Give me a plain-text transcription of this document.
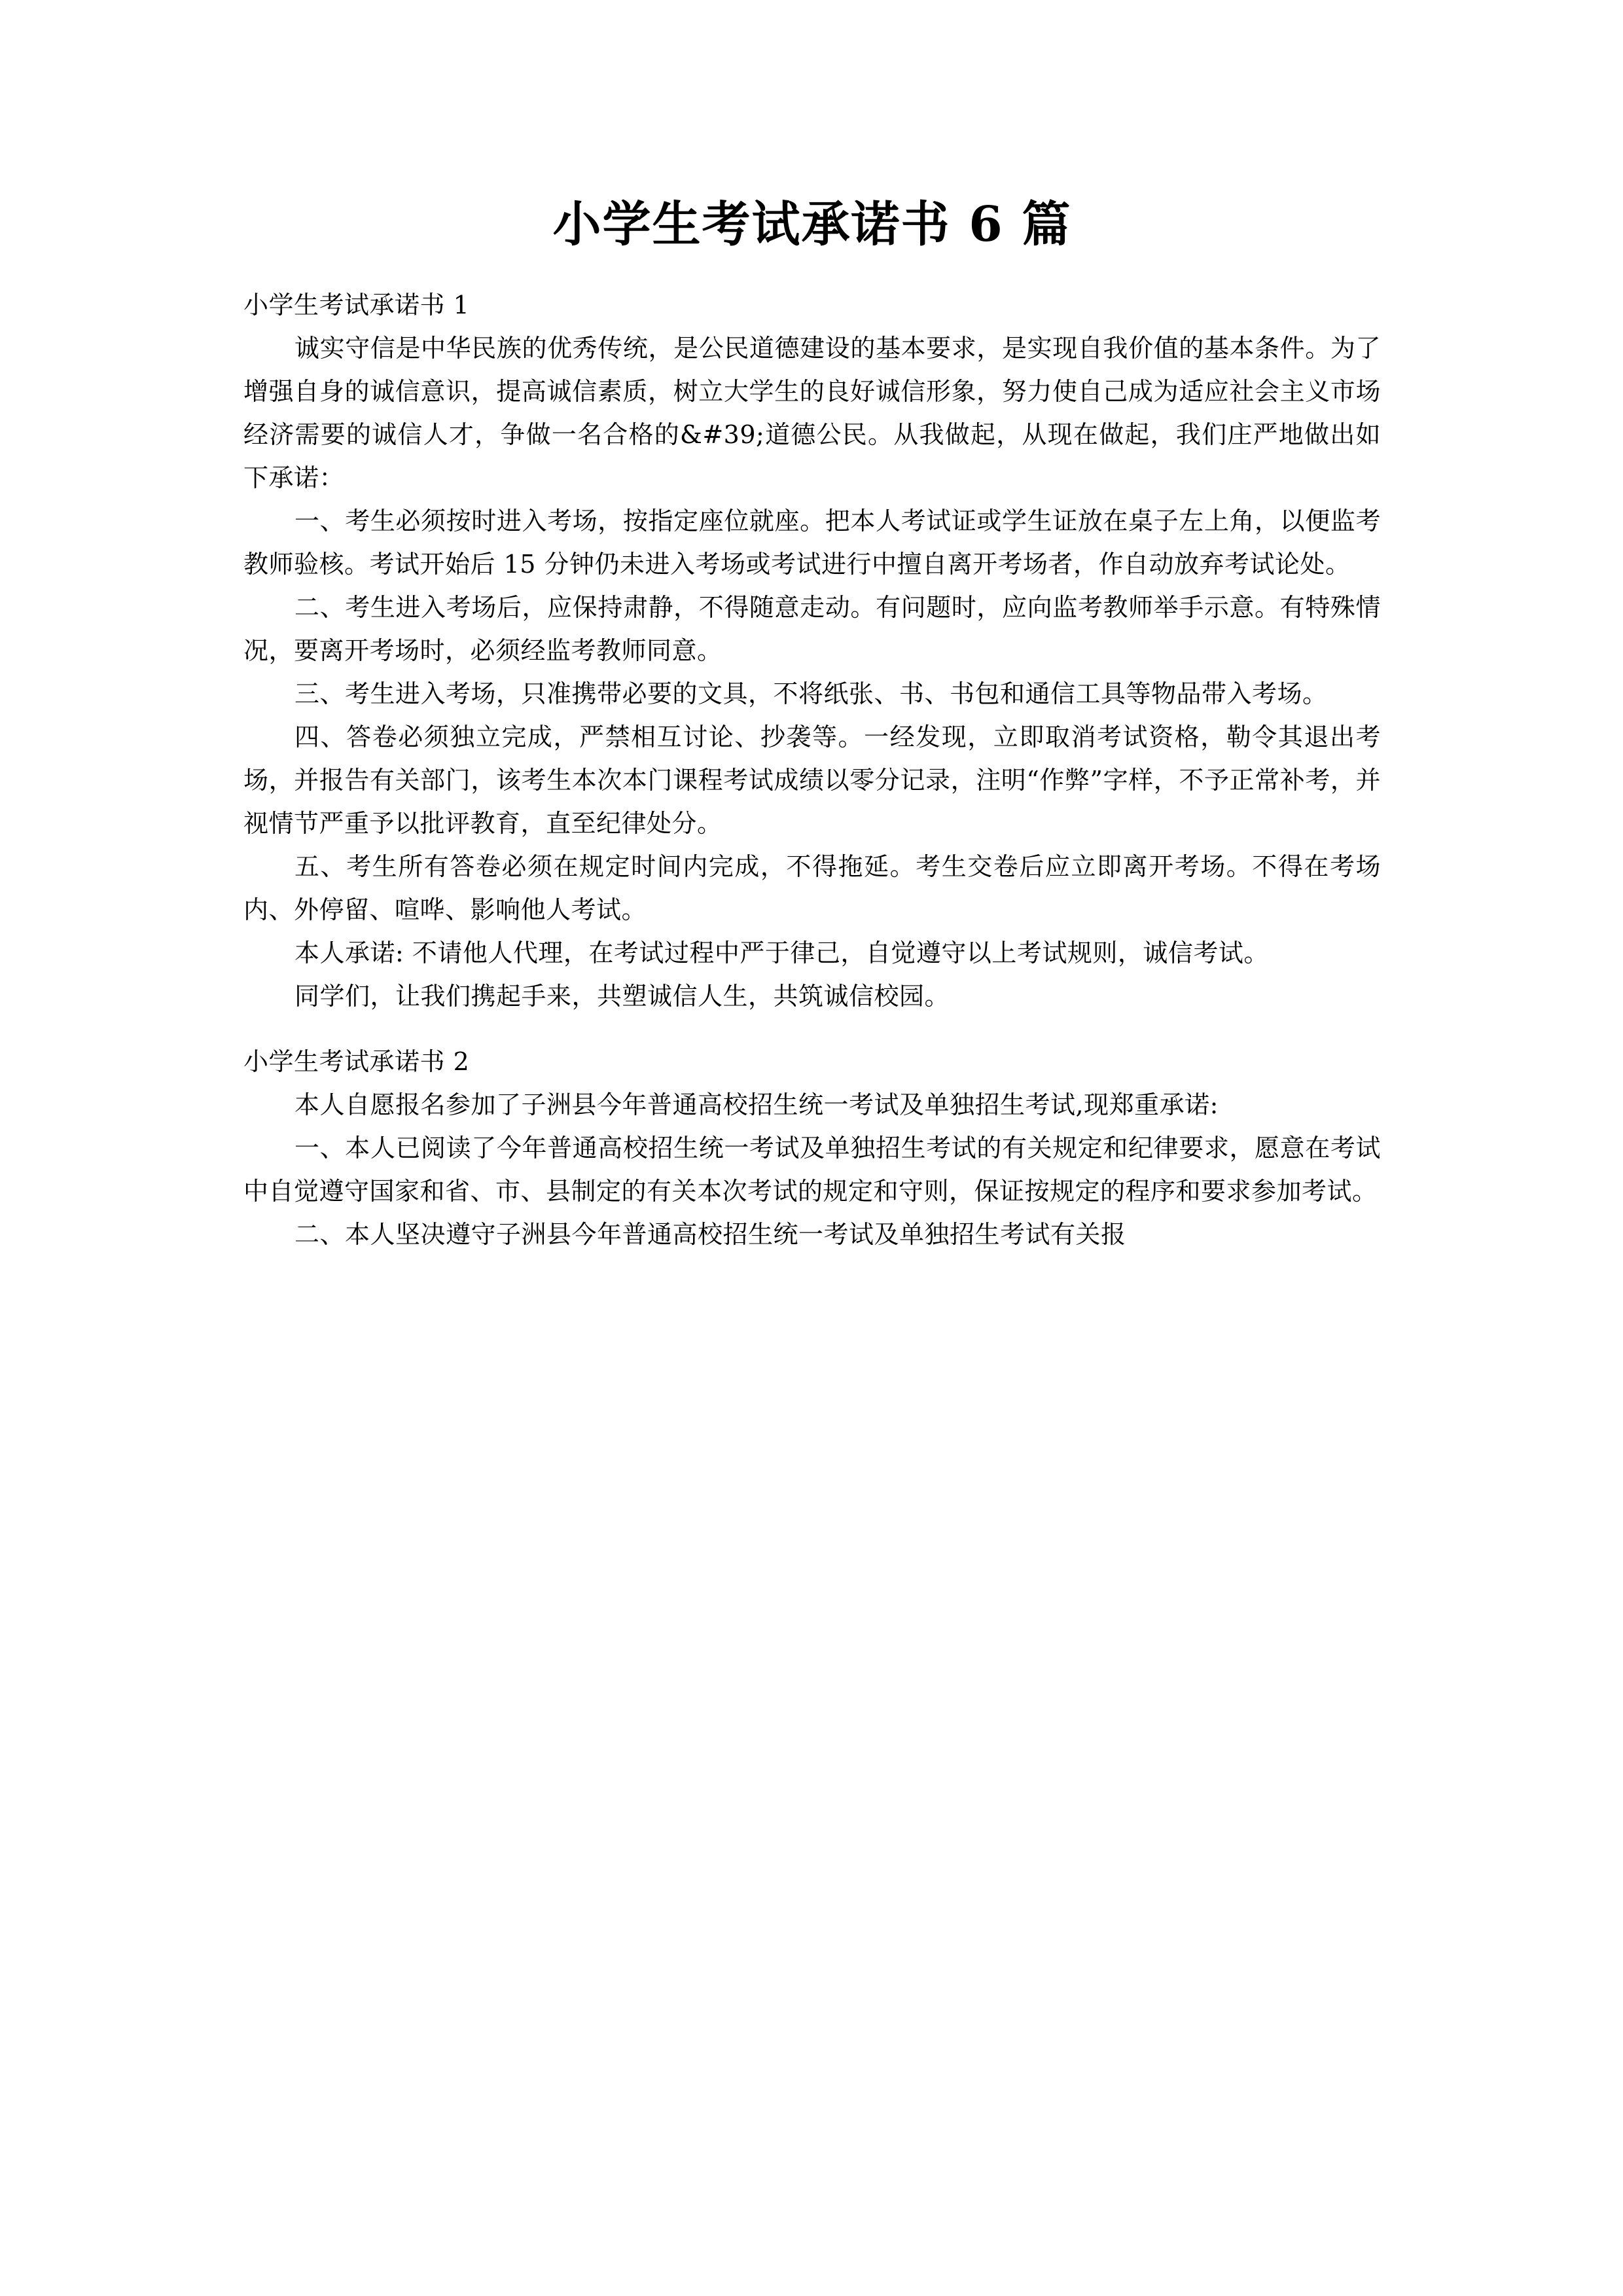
小学生考试承诺书 6 篇

小学生考试承诺书 1

诚实守信是中华民族的优秀传统，是公民道德建设的基本要求，是实现自我价值的基本条件。为了增强自身的诚信意识，提高诚信素质，树立大学生的良好诚信形象，努力使自己成为适应社会主义市场经济需要的诚信人才，争做一名合格的&#39;道德公民。从我做起，从现在做起，我们庄严地做出如下承诺：

一、考生必须按时进入考场，按指定座位就座。把本人考试证或学生证放在桌子左上角，以便监考教师验核。考试开始后 15 分钟仍未进入考场或考试进行中擅自离开考场者，作自动放弃考试论处。

二、考生进入考场后，应保持肃静，不得随意走动。有问题时，应向监考教师举手示意。有特殊情况，要离开考场时，必须经监考教师同意。

三、考生进入考场，只准携带必要的文具，不将纸张、书、书包和通信工具等物品带入考场。

四、答卷必须独立完成，严禁相互讨论、抄袭等。一经发现，立即取消考试资格，勒令其退出考场，并报告有关部门，该考生本次本门课程考试成绩以零分记录，注明“作弊”字样，不予正常补考，并视情节严重予以批评教育，直至纪律处分。

五、考生所有答卷必须在规定时间内完成，不得拖延。考生交卷后应立即离开考场。不得在考场内、外停留、喧哗、影响他人考试。

本人承诺: 不请他人代理，在考试过程中严于律己，自觉遵守以上考试规则，诚信考试。

同学们，让我们携起手来，共塑诚信人生，共筑诚信校园。

小学生考试承诺书 2

本人自愿报名参加了子洲县今年普通高校招生统一考试及单独招生考试,现郑重承诺:

一、本人已阅读了今年普通高校招生统一考试及单独招生考试的有关规定和纪律要求，愿意在考试中自觉遵守国家和省、市、县制定的有关本次考试的规定和守则，保证按规定的程序和要求参加考试。

二、本人坚决遵守子洲县今年普通高校招生统一考试及单独招生考试有关报
